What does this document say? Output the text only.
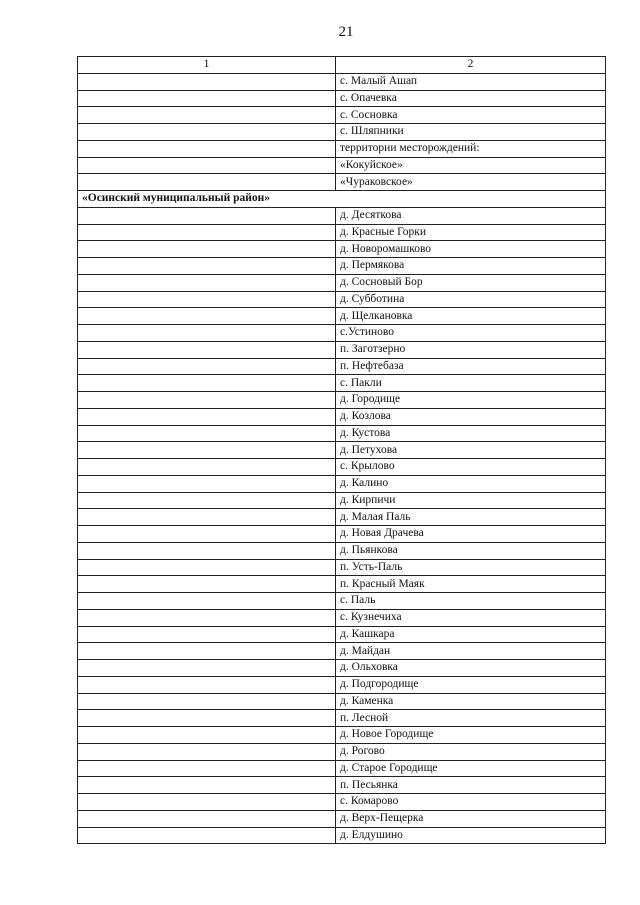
21
1	2
	с. Малый Ашап
	с. Опачевка
	с. Сосновка
	с. Шляпники
	территории месторождений:
	«Кокуйское»
	«Чураковское»
«Осинский муниципальный район»	
	д. Десяткова
	д. Красные Горки
	д. Новоромашково
	д. Пермякова
	д. Сосновый Бор
	д. Субботина
	д. Щелкановка
	с.Устиново
	п. Заготзерно
	п. Нефтебаза
	с. Пакли
	д. Городище
	д. Козлова
	д. Кустова
	д. Петухова
	с. Крылово
	д. Калино
	д. Кирпичи
	д. Малая Паль
	д. Новая Драчева
	д. Пьянкова
	п. Усть-Паль
	п. Красный Маяк
	с. Паль
	с. Кузнечиха
	д. Кашкара
	д. Майдан
	д. Ольховка
	д. Подгородище
	д. Каменка
	п. Лесной
	д. Новое Городище
	д. Рогово
	д. Старое Городище
	п. Песьянка
	с. Комарово
	д. Верх-Пещерка
	д. Елдушино
